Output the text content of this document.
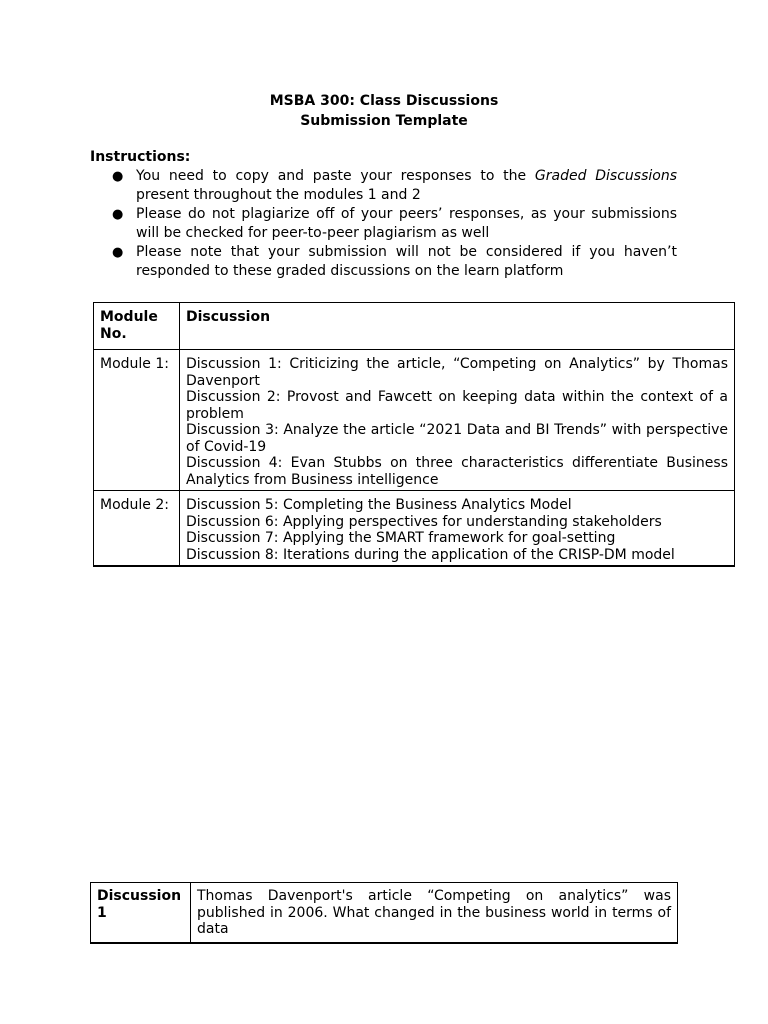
MSBA 300: Class Discussions
Submission Template
Instructions:
● You need to copy and paste your responses to the Graded Discussions present throughout the modules 1 and 2
● Please do not plagiarize off of your peers’ responses, as your submissions will be checked for peer-to-peer plagiarism as well
● Please note that your submission will not be considered if you haven’t responded to these graded discussions on the learn platform
Module No.	Discussion
Module 1:	Discussion 1: Criticizing the article, “Competing on Analytics” by Thomas Davenport
Discussion 2: Provost and Fawcett on keeping data within the context of a problem
Discussion 3: Analyze the article “2021 Data and BI Trends” with perspective of Covid-19
Discussion 4: Evan Stubbs on three characteristics differentiate Business Analytics from Business intelligence

Module 2:	Discussion 5: Completing the Business Analytics Model
Discussion 6: Applying perspectives for understanding stakeholders
Discussion 7: Applying the SMART framework for goal-setting
Discussion 8: Iterations during the application of the CRISP-DM model
Discussion 1	Thomas Davenport's article “Competing on analytics” was published in 2006. What changed in the business world in terms of data
